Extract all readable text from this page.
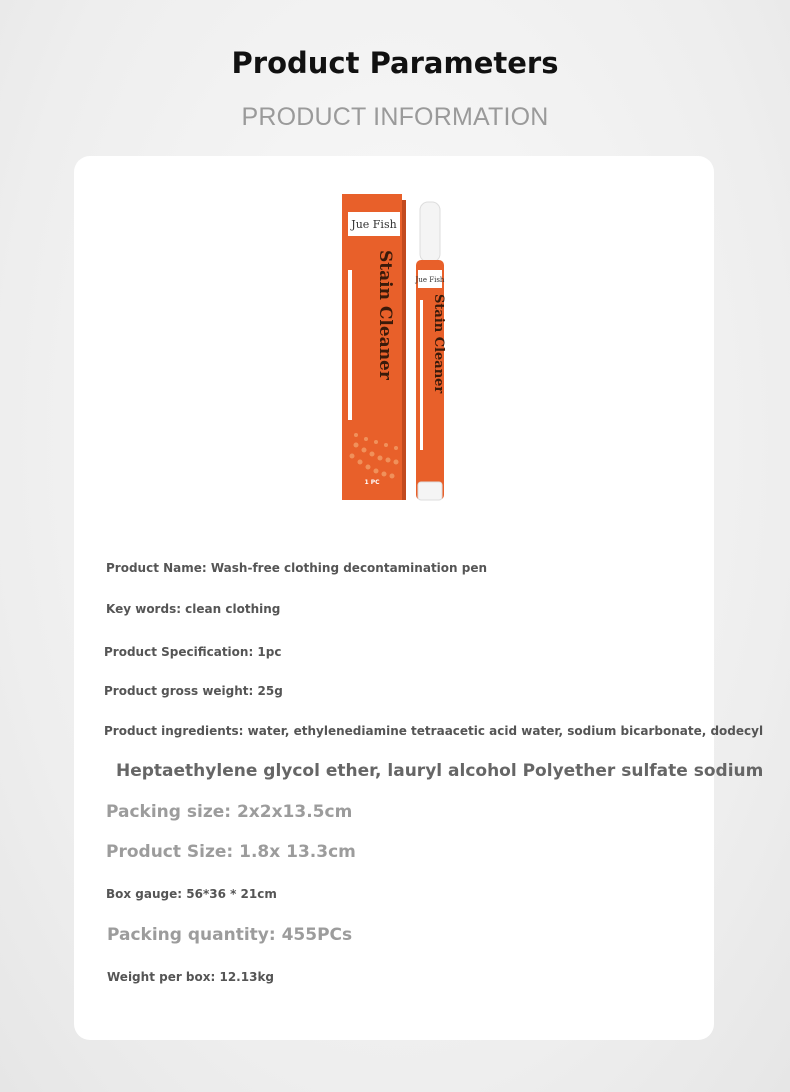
Product Parameters
PRODUCT INFORMATION
Jue Fish
Stain Cleaner
1 PC
Jue Fish
Stain Cleaner
Product Name: Wash-free clothing decontamination pen
Key words: clean clothing
Product Specification: 1pc
Product gross weight: 25g
Product ingredients: water, ethylenediamine tetraacetic acid water, sodium bicarbonate, dodecyl
Heptaethylene glycol ether, lauryl alcohol Polyether sulfate sodium
Packing size: 2x2x13.5cm
Product Size: 1.8x 13.3cm
Box gauge: 56*36 * 21cm
Packing quantity: 455PCs
Weight per box: 12.13kg
